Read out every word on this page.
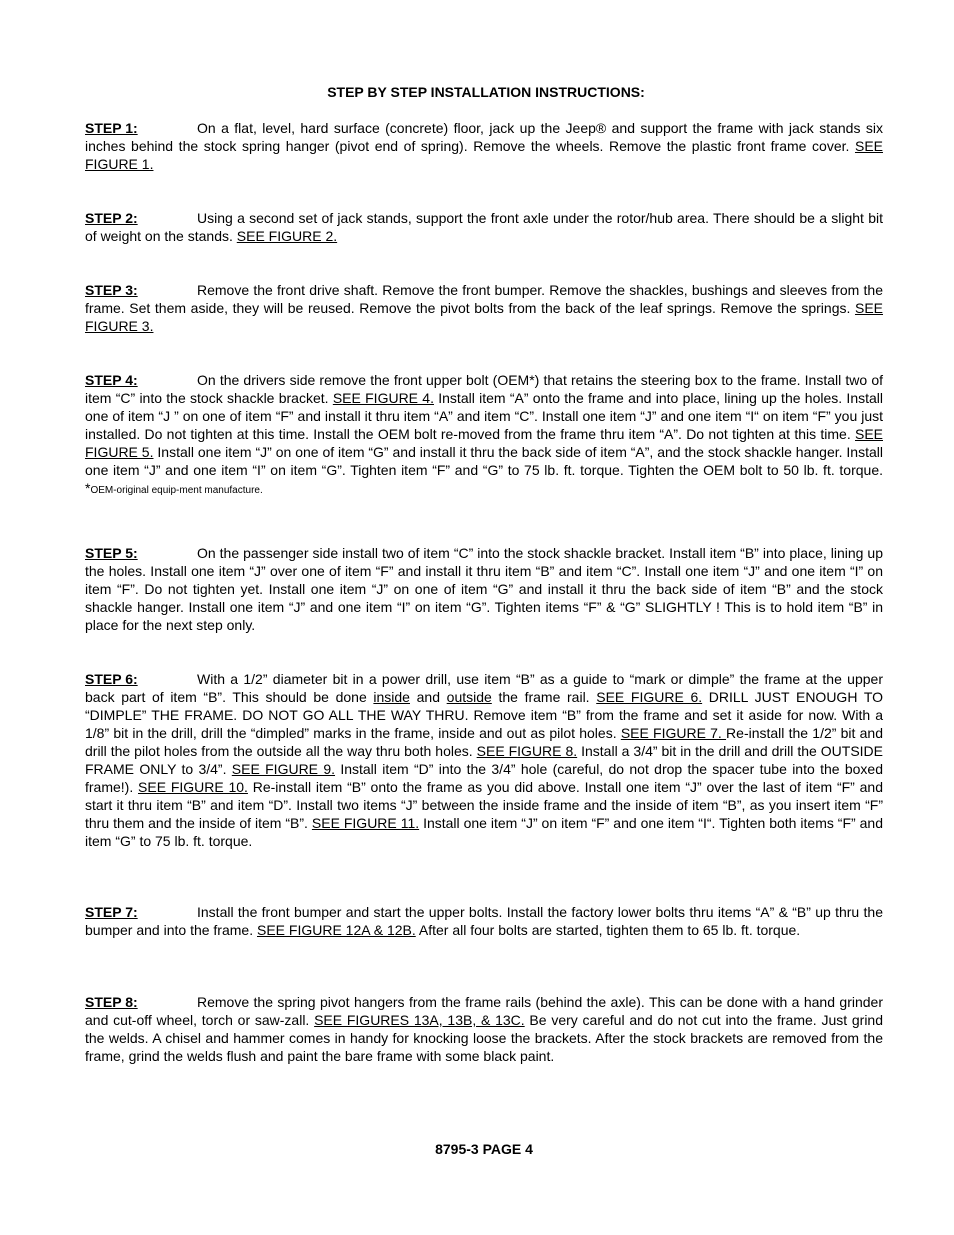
STEP BY STEP INSTALLATION INSTRUCTIONS:

STEP 1:	On a flat, level, hard surface (concrete) floor, jack up the Jeep® and support the frame with jack stands six inches behind the stock spring hanger (pivot end of spring). Remove the wheels. Remove the plastic front frame cover. SEE FIGURE 1.

STEP 2:	Using a second set of jack stands, support the front axle under the rotor/hub area. There should be a slight bit of weight on the stands. SEE FIGURE 2.

STEP 3:	Remove the front drive shaft. Remove the front bumper. Remove the shackles, bushings and sleeves from the frame. Set them aside, they will be reused. Remove the pivot bolts from the back of the leaf springs. Remove the springs. SEE FIGURE 3.

STEP 4:	On the drivers side remove the front upper bolt (OEM*) that retains the steering box to the frame. Install two of item “C” into the stock shackle bracket. SEE FIGURE 4. Install item “A” onto the frame and into place, lining up the holes. Install one of item “J ” on one of item “F” and install it thru item “A” and item “C”. Install one item “J” and one item “I“ on item “F” you just installed. Do not tighten at this time. Install the OEM bolt re-moved from the frame thru item “A”. Do not tighten at this time. SEE FIGURE 5. Install one item “J” on one of item “G” and install it thru the back side of item “A”, and the stock shackle hanger. Install one item “J” and one item “I” on item “G”. Tighten item “F” and “G” to 75 lb. ft. torque. Tighten the OEM bolt to 50 lb. ft. torque. *OEM-original equip-ment manufacture.

STEP 5:	On the passenger side install two of item “C” into the stock shackle bracket. Install item “B” into place, lining up the holes. Install one item “J” over one of item “F” and install it thru item “B” and item “C”. Install one item “J” and one item “I” on item “F”. Do not tighten yet. Install one item “J” on one of item “G” and install it thru the back side of item “B” and the stock shackle hanger. Install one item “J” and one item “I” on item “G”. Tighten items “F” & “G” SLIGHTLY ! This is to hold item “B” in place for the next step only.

STEP 6:	With a 1/2” diameter bit in a power drill, use item “B” as a guide to “mark or dimple” the frame at the upper back part of item “B”. This should be done inside and outside the frame rail. SEE FIGURE 6. DRILL JUST ENOUGH TO “DIMPLE” THE FRAME. DO NOT GO ALL THE WAY THRU. Remove item “B” from the frame and set it aside for now. With a 1/8” bit in the drill, drill the “dimpled” marks in the frame, inside and out as pilot holes. SEE FIGURE 7. Re-install the 1/2” bit and drill the pilot holes from the outside all the way thru both holes. SEE FIGURE 8. Install a 3/4” bit in the drill and drill the OUTSIDE FRAME ONLY to 3/4”. SEE FIGURE 9. Install item “D” into the 3/4” hole (careful, do not drop the spacer tube into the boxed frame!). SEE FIGURE 10. Re-install item “B” onto the frame as you did above. Install one item “J” over the last of item “F” and start it thru item “B” and item “D”. Install two items “J” between the inside frame and the inside of item “B”, as you insert item “F” thru them and the inside of item “B”. SEE FIGURE 11. Install one item “J” on item “F” and one item “I“. Tighten both items “F” and item “G” to 75 lb. ft. torque.

STEP 7:	Install the front bumper and start the upper bolts. Install the factory lower bolts thru items “A” & “B” up thru the bumper and into the frame. SEE FIGURE 12A & 12B. After all four bolts are started, tighten them to 65 lb. ft. torque.

STEP 8:	Remove the spring pivot hangers from the frame rails (behind the axle). This can be done with a hand grinder and cut-off wheel, torch or saw-zall. SEE FIGURES 13A, 13B, & 13C. Be very careful and do not cut into the frame. Just grind the welds. A chisel and hammer comes in handy for knocking loose the brackets. After the stock brackets are removed from the frame, grind the welds flush and paint the bare frame with some black paint.

8795-3 PAGE 4
